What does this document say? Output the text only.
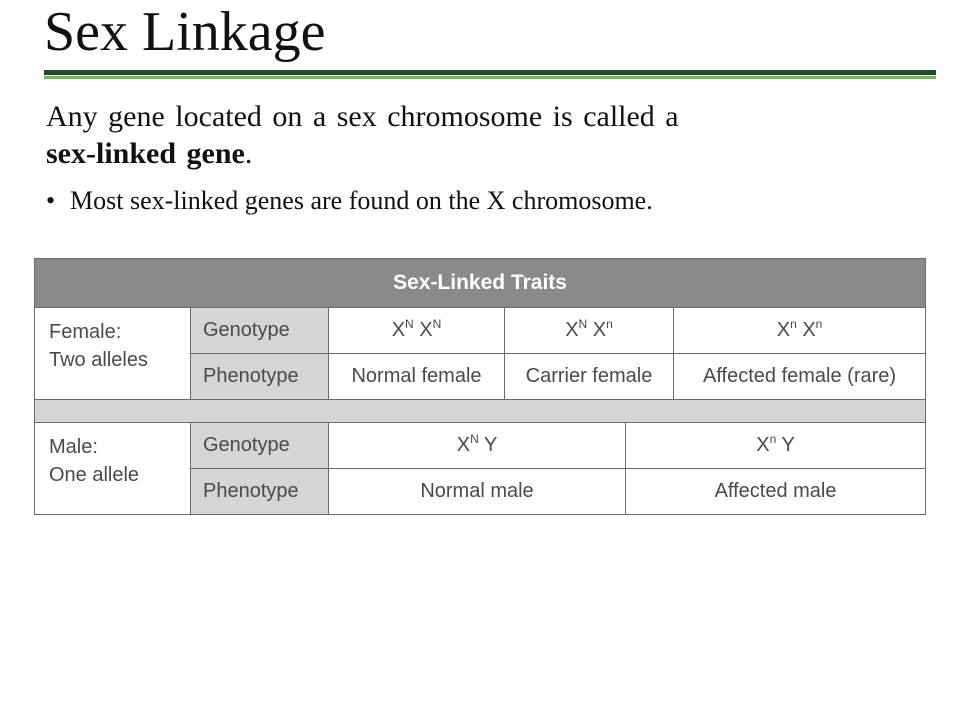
Sex Linkage
Any gene located on a sex chromosome is called a
sex-linked gene.
• Most sex-linked genes are found on the X chromosome.
Sex-Linked Traits					

Female:
Two alleles	Genotype	$X^N$ $X^N$	$X^N$ $X^n$		$X^n$ $X^n$
	Phenotype	Normal female	Carrier female		Affected female (rare)

Male:
One allele	Genotype	$X^N$ Y		$X^n$ Y	
	Phenotype	Normal male		Affected male	
